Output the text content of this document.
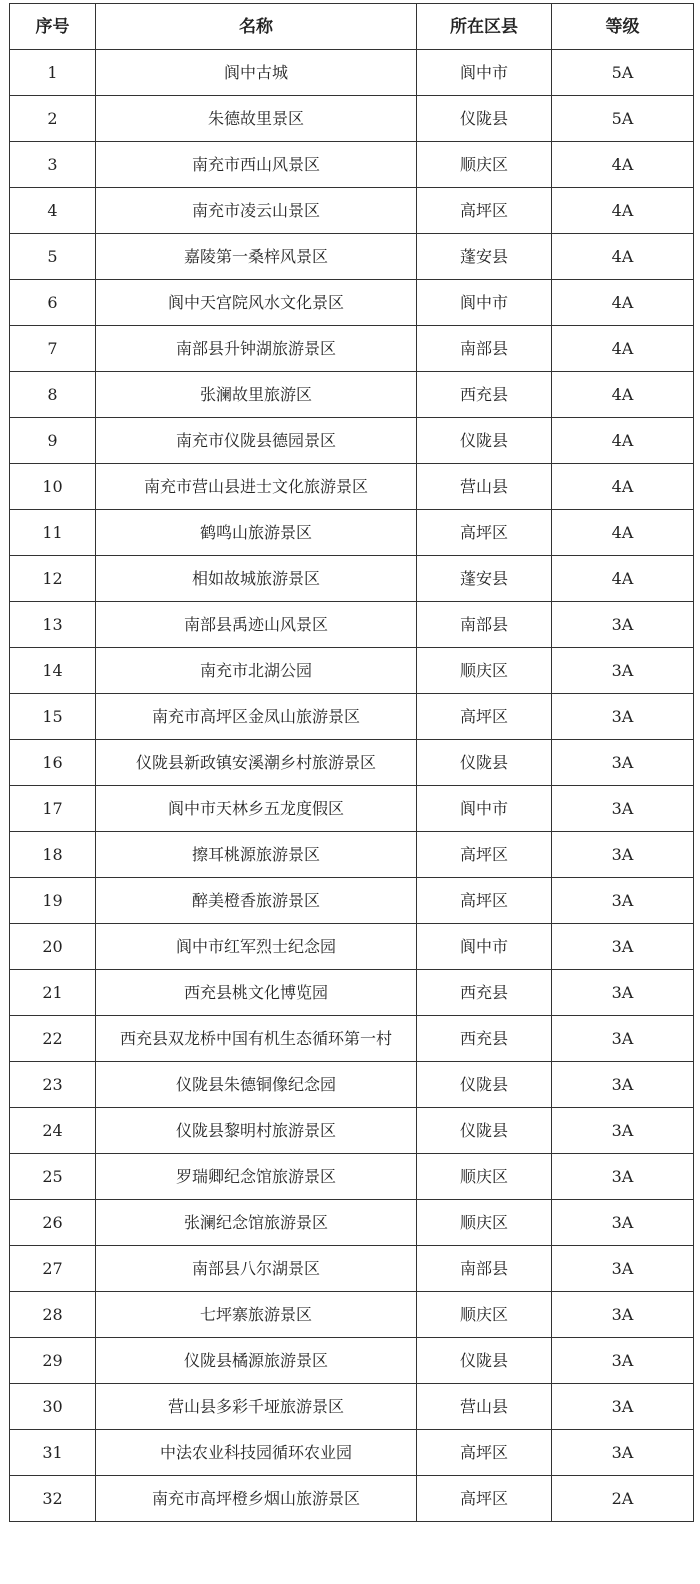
序号	名称	所在区县	等级
1	阆中古城	阆中市	5A
2	朱德故里景区	仪陇县	5A
3	南充市西山风景区	顺庆区	4A
4	南充市凌云山景区	高坪区	4A
5	嘉陵第一桑梓风景区	蓬安县	4A
6	阆中天宫院风水文化景区	阆中市	4A
7	南部县升钟湖旅游景区	南部县	4A
8	张澜故里旅游区	西充县	4A
9	南充市仪陇县德园景区	仪陇县	4A
10	南充市营山县进士文化旅游景区	营山县	4A
11	鹤鸣山旅游景区	高坪区	4A
12	相如故城旅游景区	蓬安县	4A
13	南部县禹迹山风景区	南部县	3A
14	南充市北湖公园	顺庆区	3A
15	南充市高坪区金凤山旅游景区	高坪区	3A
16	仪陇县新政镇安溪潮乡村旅游景区	仪陇县	3A
17	阆中市天林乡五龙度假区	阆中市	3A
18	擦耳桃源旅游景区	高坪区	3A
19	醉美橙香旅游景区	高坪区	3A
20	阆中市红军烈士纪念园	阆中市	3A
21	西充县桃文化博览园	西充县	3A
22	西充县双龙桥中国有机生态循环第一村	西充县	3A
23	仪陇县朱德铜像纪念园	仪陇县	3A
24	仪陇县黎明村旅游景区	仪陇县	3A
25	罗瑞卿纪念馆旅游景区	顺庆区	3A
26	张澜纪念馆旅游景区	顺庆区	3A
27	南部县八尔湖景区	南部县	3A
28	七坪寨旅游景区	顺庆区	3A
29	仪陇县橘源旅游景区	仪陇县	3A
30	营山县多彩千垭旅游景区	营山县	3A
31	中法农业科技园循环农业园	高坪区	3A
32	南充市高坪橙乡烟山旅游景区	高坪区	2A
